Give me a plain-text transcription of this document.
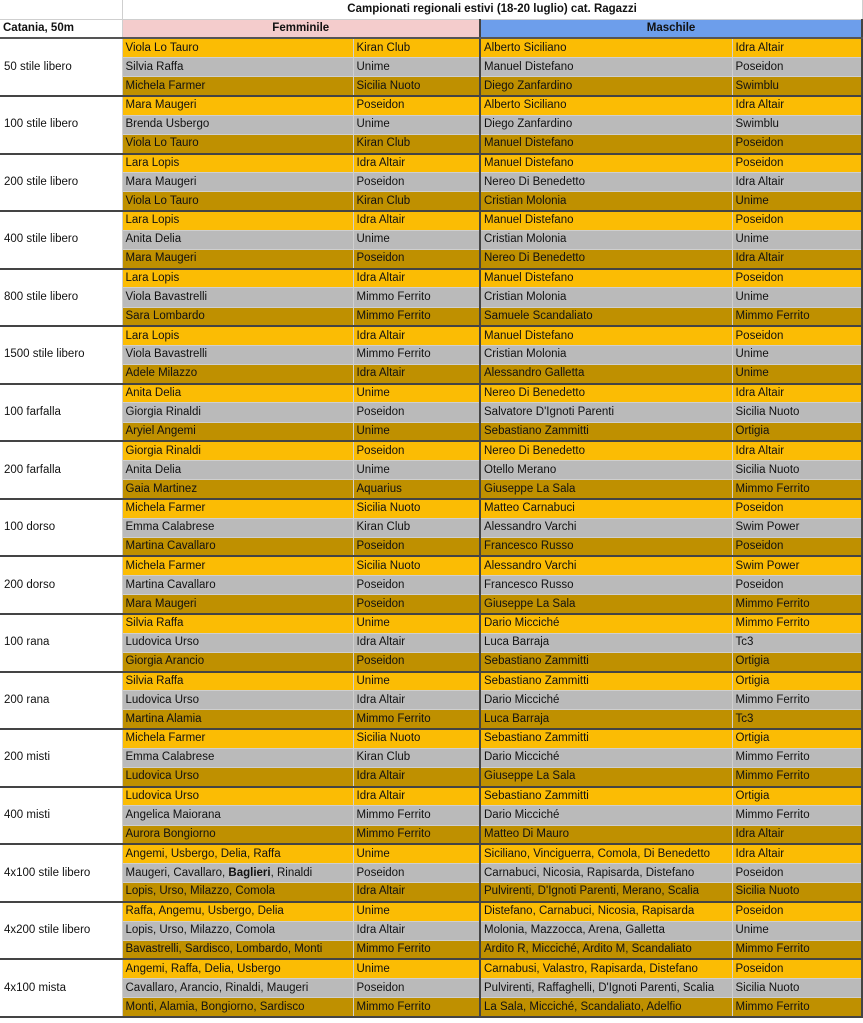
	Campionati regionali estivi (18-20 luglio) cat. Ragazzi			
Catania, 50m	Femminile		Maschile	
50 stile libero	Viola Lo Tauro	Kiran Club	Alberto Siciliano	Idra Altair
	Silvia Raffa	Unime	Manuel Distefano	Poseidon
	Michela Farmer	Sicilia Nuoto	Diego Zanfardino	Swimblu
100 stile libero	Mara Maugeri	Poseidon	Alberto Siciliano	Idra Altair
	Brenda Usbergo	Unime	Diego Zanfardino	Swimblu
	Viola Lo Tauro	Kiran Club	Manuel Distefano	Poseidon
200 stile libero	Lara Lopis	Idra Altair	Manuel Distefano	Poseidon
	Mara Maugeri	Poseidon	Nereo Di Benedetto	Idra Altair
	Viola Lo Tauro	Kiran Club	Cristian Molonia	Unime
400 stile libero	Lara Lopis	Idra Altair	Manuel Distefano	Poseidon
	Anita Delia	Unime	Cristian Molonia	Unime
	Mara Maugeri	Poseidon	Nereo Di Benedetto	Idra Altair
800 stile libero	Lara Lopis	Idra Altair	Manuel Distefano	Poseidon
	Viola Bavastrelli	Mimmo Ferrito	Cristian Molonia	Unime
	Sara Lombardo	Mimmo Ferrito	Samuele Scandaliato	Mimmo Ferrito
1500 stile libero	Lara Lopis	Idra Altair	Manuel Distefano	Poseidon
	Viola Bavastrelli	Mimmo Ferrito	Cristian Molonia	Unime
	Adele Milazzo	Idra Altair	Alessandro Galletta	Unime
100 farfalla	Anita Delia	Unime	Nereo Di Benedetto	Idra Altair
	Giorgia Rinaldi	Poseidon	Salvatore D'Ignoti Parenti	Sicilia Nuoto
	Aryiel Angemi	Unime	Sebastiano Zammitti	Ortigia
200 farfalla	Giorgia Rinaldi	Poseidon	Nereo Di Benedetto	Idra Altair
	Anita Delia	Unime	Otello Merano	Sicilia Nuoto
	Gaia Martinez	Aquarius	Giuseppe La Sala	Mimmo Ferrito
100 dorso	Michela Farmer	Sicilia Nuoto	Matteo Carnabuci	Poseidon
	Emma Calabrese	Kiran Club	Alessandro Varchi	Swim Power
	Martina Cavallaro	Poseidon	Francesco Russo	Poseidon
200 dorso	Michela Farmer	Sicilia Nuoto	Alessandro Varchi	Swim Power
	Martina Cavallaro	Poseidon	Francesco Russo	Poseidon
	Mara Maugeri	Poseidon	Giuseppe La Sala	Mimmo Ferrito
100 rana	Silvia Raffa	Unime	Dario Micciché	Mimmo Ferrito
	Ludovica Urso	Idra Altair	Luca Barraja	Tc3
	Giorgia Arancio	Poseidon	Sebastiano Zammitti	Ortigia
200 rana	Silvia Raffa	Unime	Sebastiano Zammitti	Ortigia
	Ludovica Urso	Idra Altair	Dario Micciché	Mimmo Ferrito
	Martina Alamia	Mimmo Ferrito	Luca Barraja	Tc3
200 misti	Michela Farmer	Sicilia Nuoto	Sebastiano Zammitti	Ortigia
	Emma Calabrese	Kiran Club	Dario Micciché	Mimmo Ferrito
	Ludovica Urso	Idra Altair	Giuseppe La Sala	Mimmo Ferrito
400 misti	Ludovica Urso	Idra Altair	Sebastiano Zammitti	Ortigia
	Angelica Maiorana	Mimmo Ferrito	Dario Micciché	Mimmo Ferrito
	Aurora Bongiorno	Mimmo Ferrito	Matteo Di Mauro	Idra Altair
4x100 stile libero	Angemi, Usbergo, Delia, Raffa	Unime	Siciliano, Vinciguerra, Comola, Di Benedetto	Idra Altair
	Maugeri, Cavallaro, Baglieri, Rinaldi	Poseidon	Carnabuci, Nicosia, Rapisarda, Distefano	Poseidon
	Lopis, Urso, Milazzo, Comola	Idra Altair	Pulvirenti, D'Ignoti Parenti, Merano, Scalia	Sicilia Nuoto
4x200 stile libero	Raffa, Angemu, Usbergo, Delia	Unime	Distefano, Carnabuci, Nicosia, Rapisarda	Poseidon
	Lopis, Urso, Milazzo, Comola	Idra Altair	Molonia, Mazzocca, Arena, Galletta	Unime
	Bavastrelli, Sardisco, Lombardo, Monti	Mimmo Ferrito	Ardito R, Micciché, Ardito M, Scandaliato	Mimmo Ferrito
4x100 mista	Angemi, Raffa, Delia, Usbergo	Unime	Carnabusi, Valastro, Rapisarda, Distefano	Poseidon
	Cavallaro, Arancio, Rinaldi, Maugeri	Poseidon	Pulvirenti, Raffaghelli, D'Ignoti Parenti, Scalia	Sicilia Nuoto
	Monti, Alamia, Bongiorno, Sardisco	Mimmo Ferrito	La Sala, Micciché, Scandaliato, Adelfio	Mimmo Ferrito
